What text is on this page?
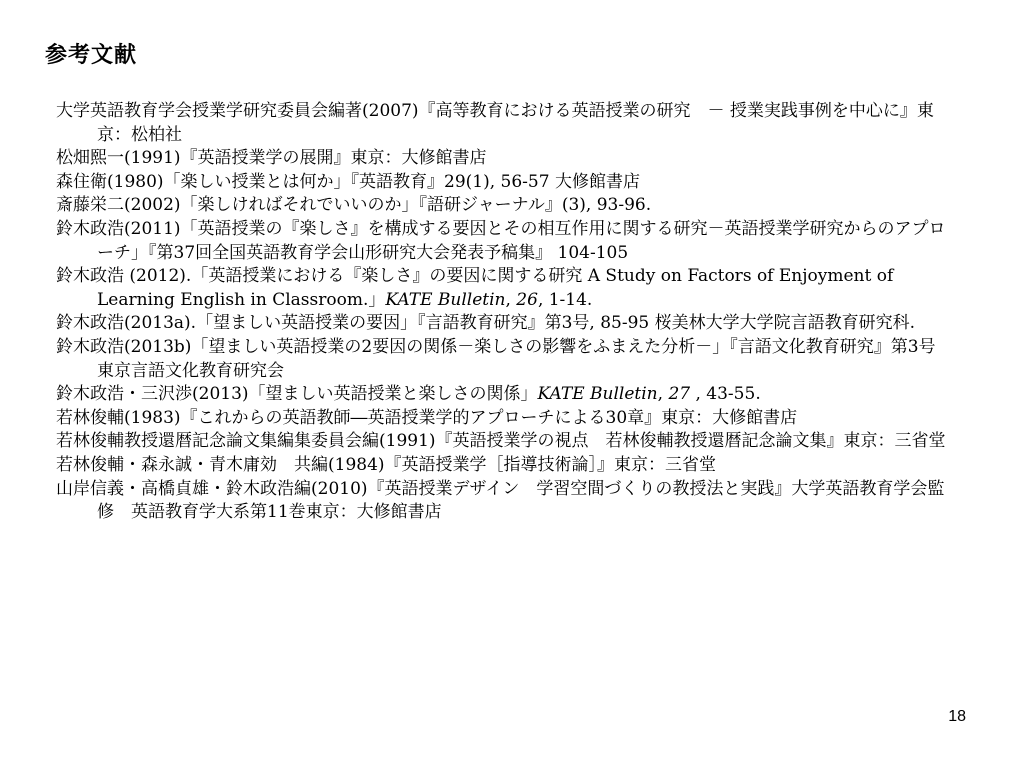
参考文献
大学英語教育学会授業学研究委員会編著(2007)『高等教育における英語授業の研究　－ 授業実践事例を中心に』東京：松柏社
松畑熙一(1991)『英語授業学の展開』東京：大修館書店
森住衛(1980)「楽しい授業とは何か」『英語教育』29(1), 56-57 大修館書店
斎藤栄二(2002)「楽しければそれでいいのか」『語研ジャーナル』(3), 93-96.
鈴木政浩(2011)「英語授業の『楽しさ』を構成する要因とその相互作用に関する研究－英語授業学研究からのアプローチ」『第37回全国英語教育学会山形研究大会発表予稿集』 104-105
鈴木政浩 (2012).「英語授業における『楽しさ』の要因に関する研究 A Study on Factors of Enjoyment of Learning English in Classroom.」KATE Bulletin, 26, 1-14.
鈴木政浩(2013a).「望ましい英語授業の要因」『言語教育研究』第3号, 85-95 桜美林大学大学院言語教育研究科.
鈴木政浩(2013b)「望ましい英語授業の2要因の関係－楽しさの影響をふまえた分析－」『言語文化教育研究』第3号 東京言語文化教育研究会
鈴木政浩・三沢渉(2013)「望ましい英語授業と楽しさの関係」KATE Bulletin, 27 , 43-55.
若林俊輔(1983)『これからの英語教師―英語授業学的アプローチによる30章』東京：大修館書店
若林俊輔教授還暦記念論文集編集委員会編(1991)『英語授業学の視点　若林俊輔教授還暦記念論文集』東京：三省堂
若林俊輔・森永誠・青木庸効　共編(1984)『英語授業学［指導技術論］』東京：三省堂
山岸信義・高橋貞雄・鈴木政浩編(2010)『英語授業デザイン　学習空間づくりの教授法と実践』大学英語教育学会監修　英語教育学大系第11巻東京：大修館書店
18
